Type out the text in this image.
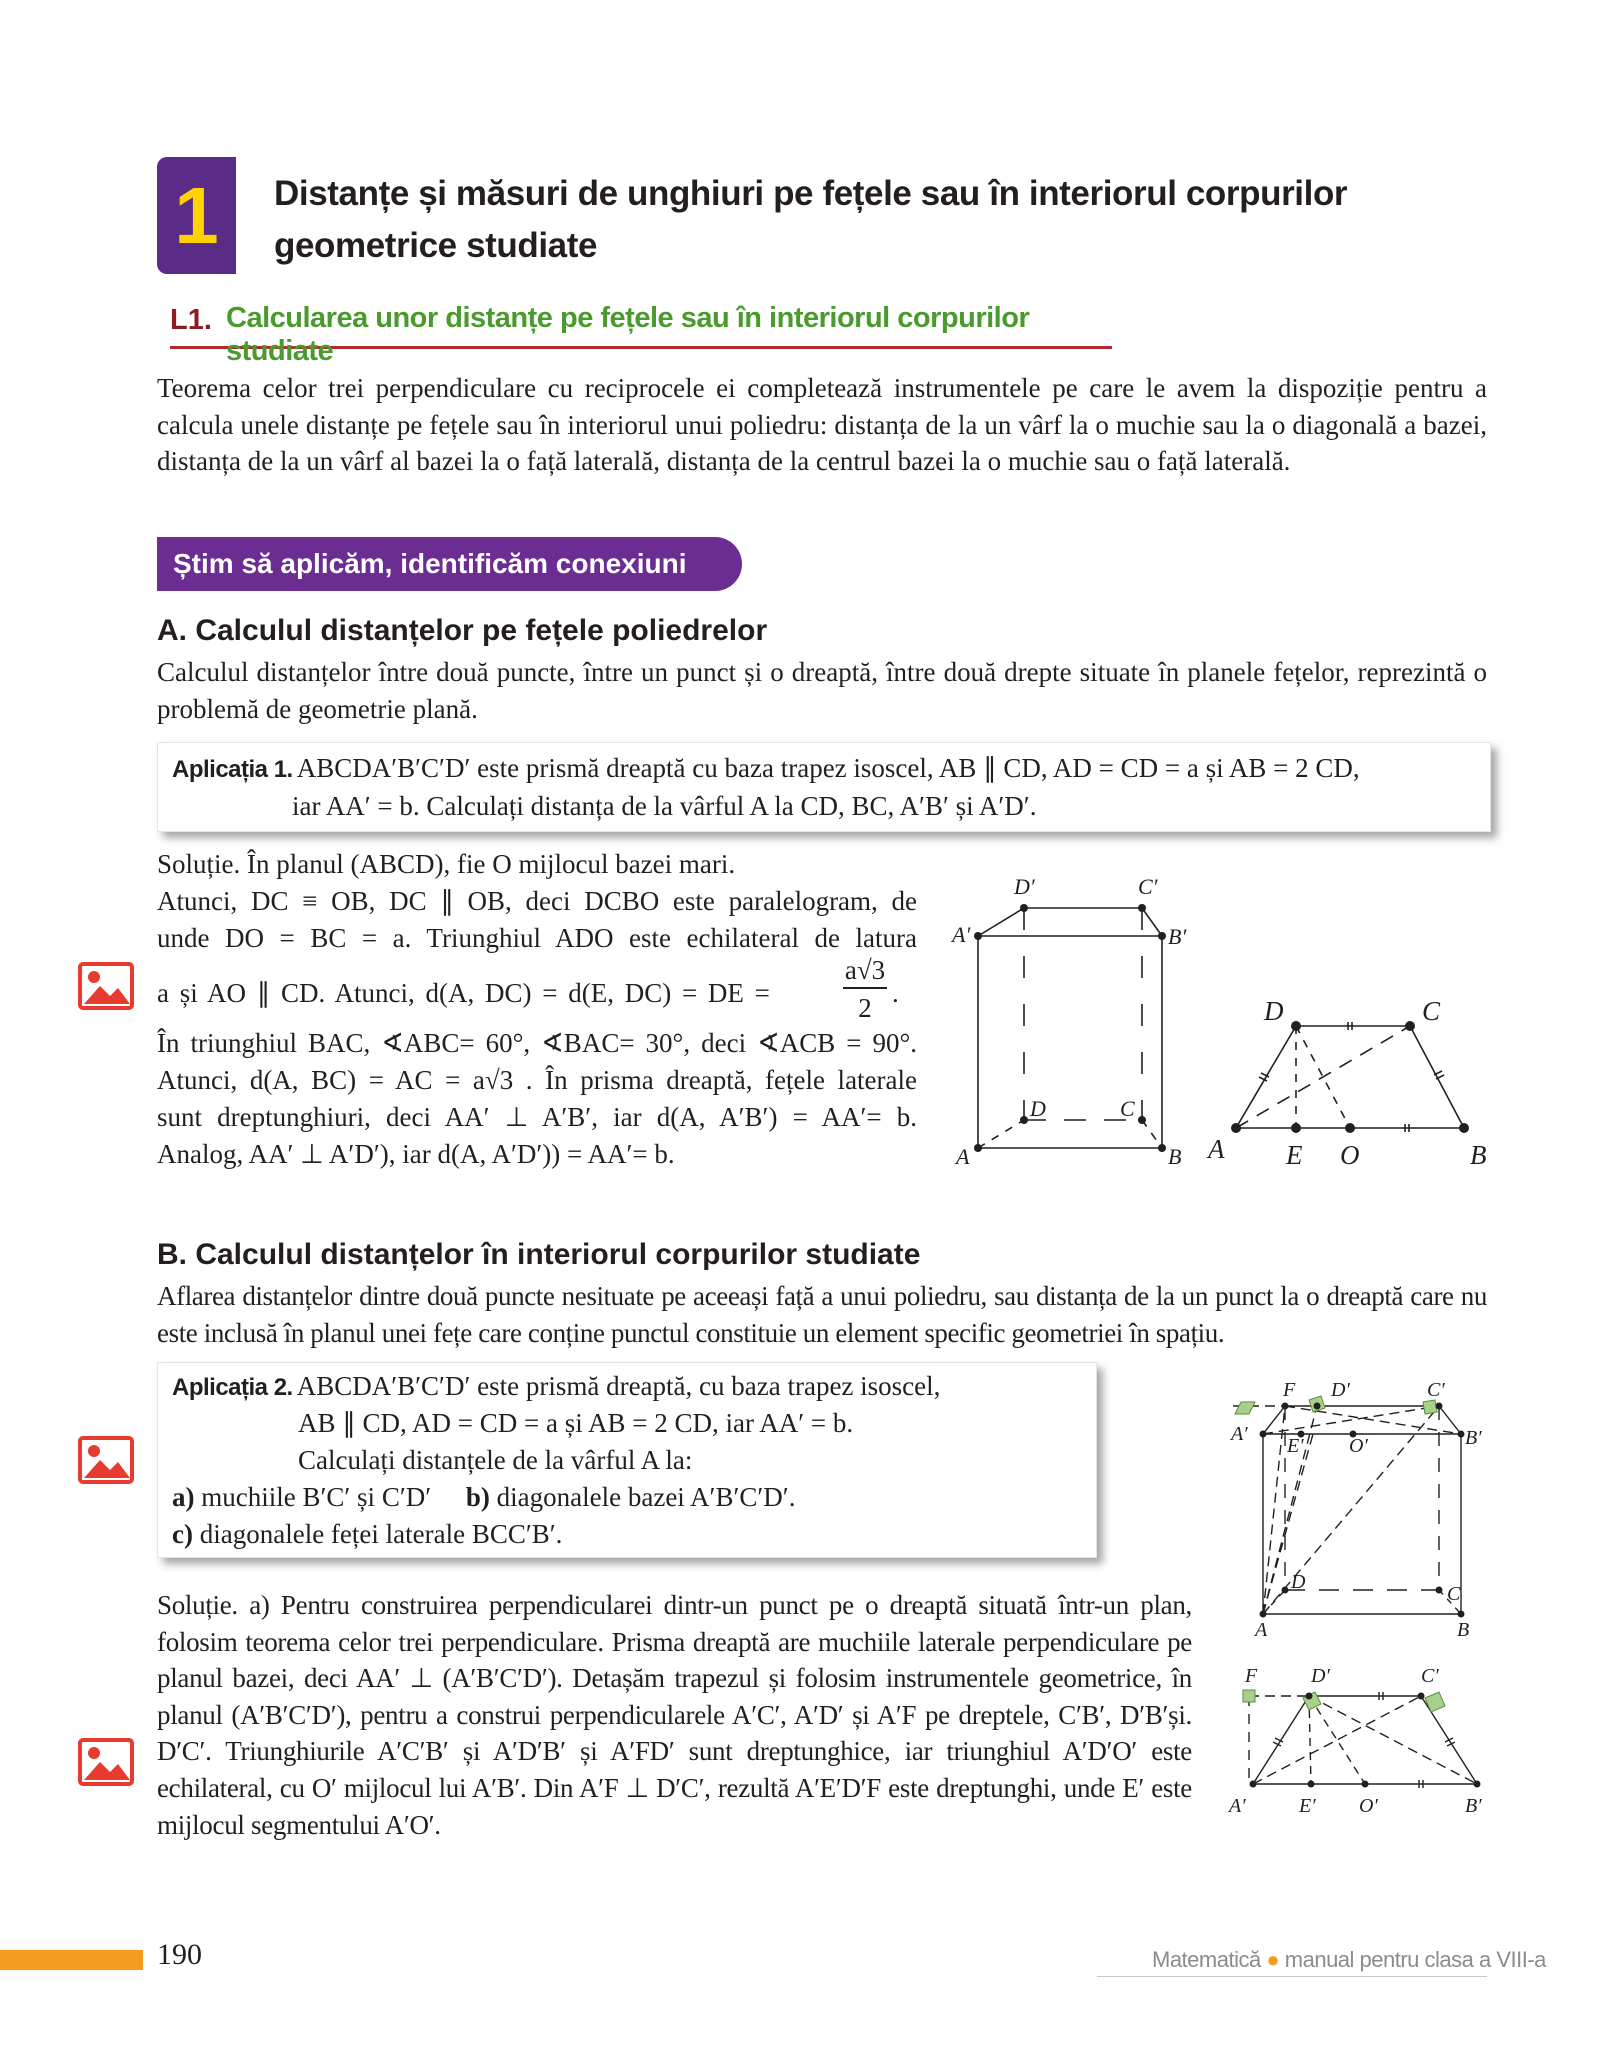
1 Distanțe și măsuri de unghiuri pe fețele sau în interiorul corpurilor geometrice studiate
L1. Calcularea unor distanțe pe fețele sau în interiorul corpurilor studiate
Teorema celor trei perpendiculare cu reciprocele ei completează instrumentele pe care le avem la dispoziție pentru a calcula unele distanțe pe fețele sau în interiorul unui poliedru: distanța de la un vârf la o muchie sau la o diagonală a bazei, distanța de la un vârf al bazei la o față laterală, distanța de la centrul bazei la o muchie sau o față laterală.
Știm să aplicăm, identificăm conexiuni
A. Calculul distanțelor pe fețele poliedrelor
Calculul distanțelor între două puncte, între un punct și o dreaptă, între două drepte situate în planele fețelor, reprezintă o problemă de geometrie plană.
Aplicația 1. ABCDA′B′C′D′ este prismă dreaptă cu baza trapez isoscel, AB ∥ CD, AD = CD = a și AB = 2 CD,
iar AA′ = b. Calculați distanța de la vârful A la CD, BC, A′B′ și A′D′.
Soluție. În planul (ABCD), fie O mijlocul bazei mari.
Atunci, DC ≡ OB, DC ∥ OB, deci DCBO este paralelogram, de
unde DO = BC = a. Triunghiul ADO este echilateral de latura
a și AO ∥ CD. Atunci, d(A, DC) = d(E, DC) = DE =
a√3
2 .
În triunghiul BAC, ∢ABC= 60°, ∢BAC= 30°, deci ∢ACB = 90°.
Atunci, d(A, BC) = AC = a√3 . În prisma dreaptă, fețele laterale
sunt dreptunghiuri, deci AA′ ⊥ A′B′, iar d(A, A′B′) = AA′= b.
Analog, AA′ ⊥ A′D′), iar d(A, A′D′)) = AA′= b.
D′	C′
A′	B′
D	C
A	B
D	C
A E O	B
B. Calculul distanțelor în interiorul corpurilor studiate
Aflarea distanțelor dintre două puncte nesituate pe aceeași față a unui poliedru, sau distanța de la un punct la o dreaptă care nu este inclusă în planul unei fețe care conține punctul constituie un element specific geometriei în spațiu.
Aplicația 2. ABCDA′B′C′D′ este prismă dreaptă, cu baza trapez isoscel,
AB ∥ CD, AD = CD = a și AB = 2 CD, iar AA′ = b.
Calculați distanțele de la vârful A la:
a) muchiile B′C′ și C′D′ b) diagonalele bazei A′B′C′D′.
c) diagonalele feței laterale BCC′B′.
Soluție. a) Pentru construirea perpendicularei dintr-un punct pe o dreaptă situată într-un plan, folosim teorema celor trei perpendiculare. Prisma dreaptă are muchiile laterale perpendiculare pe planul bazei, deci AA′ ⊥ (A′B′C′D′). Detașăm trapezul și folosim instrumentele geometrice, în planul (A′B′C′D′), pentru a construi perpendicularele A′C′, A′D′ și A′F pe dreptele, C′B′, D′B′și. D′C′. Triunghiurile A′C′B′ și A′D′B′ și A′FD′ sunt dreptunghice, iar triunghiul A′D′O′ este echilateral, cu O′ mijlocul lui A′B′. Din A′F ⊥ D′C′, rezultă A′E′D′F este dreptunghi, unde E′ este mijlocul segmentului A′O′.
F D′	C′
A′
E′ O′	B′
D
C
A	B
F	D′	C′
A′	E′ O′	B′
190	Matematică ● manual pentru clasa a VIII-a
